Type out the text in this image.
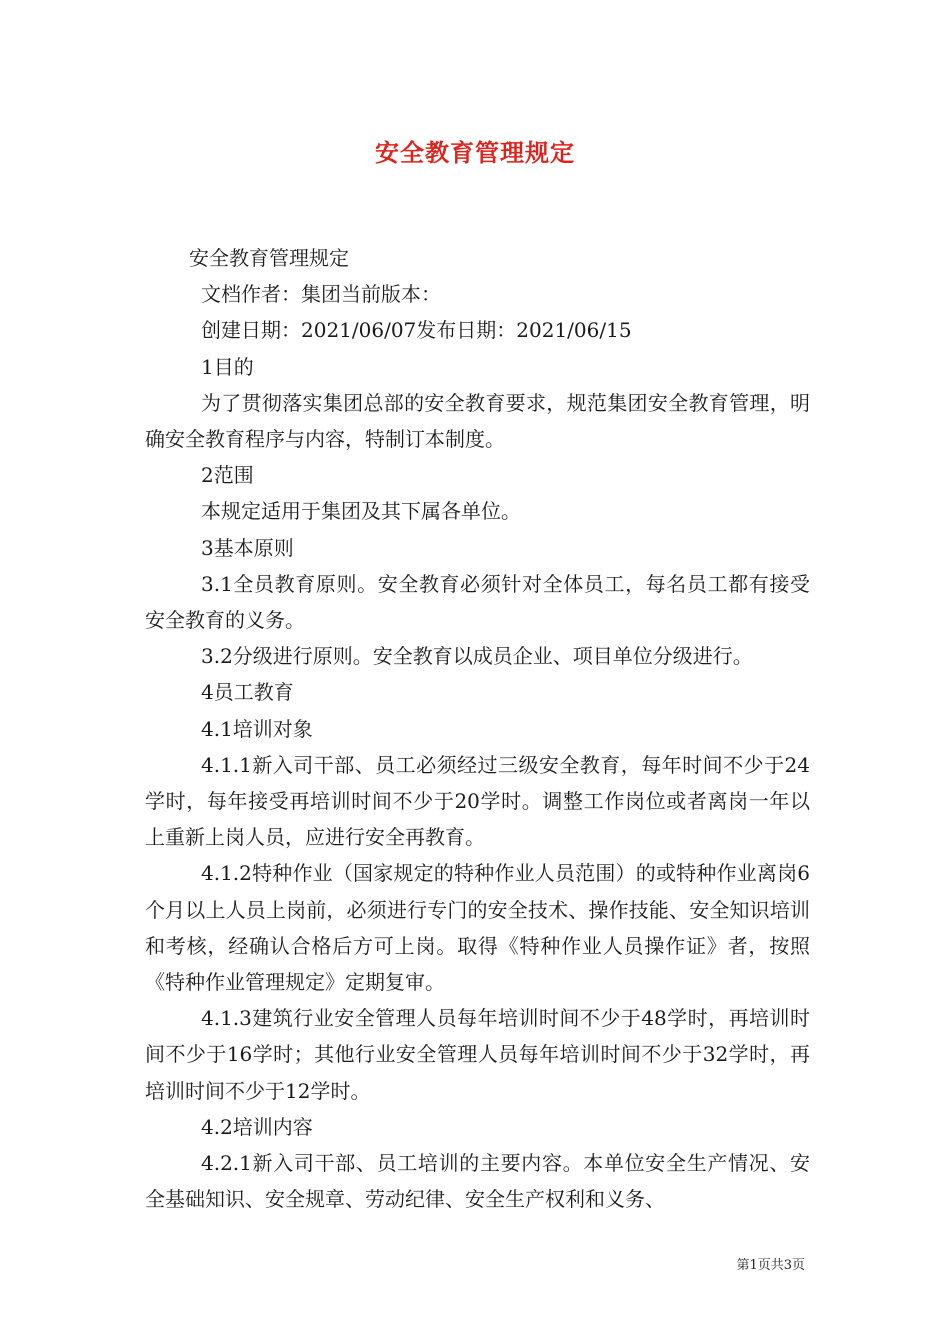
安全教育管理规定

安全教育管理规定

文档作者：集团当前版本：

创建日期：2021/06/07发布日期：2021/06/15

1目的

为了贯彻落实集团总部的安全教育要求，规范集团安全教育管理，明确安全教育程序与内容，特制订本制度。

2范围

本规定适用于集团及其下属各单位。

3基本原则

3.1全员教育原则。安全教育必须针对全体员工，每名员工都有接受安全教育的义务。

3.2分级进行原则。安全教育以成员企业、项目单位分级进行。

4员工教育

4.1培训对象

4.1.1新入司干部、员工必须经过三级安全教育，每年时间不少于24学时，每年接受再培训时间不少于20学时。调整工作岗位或者离岗一年以上重新上岗人员，应进行安全再教育。

4.1.2特种作业（国家规定的特种作业人员范围）的或特种作业离岗6个月以上人员上岗前，必须进行专门的安全技术、操作技能、安全知识培训和考核，经确认合格后方可上岗。取得《特种作业人员操作证》者，按照《特种作业管理规定》定期复审。

4.1.3建筑行业安全管理人员每年培训时间不少于48学时，再培训时间不少于16学时；其他行业安全管理人员每年培训时间不少于32学时，再培训时间不少于12学时。

4.2培训内容

4.2.1新入司干部、员工培训的主要内容。本单位安全生产情况、安全基础知识、安全规章、劳动纪律、安全生产权利和义务、

第1页共3页
